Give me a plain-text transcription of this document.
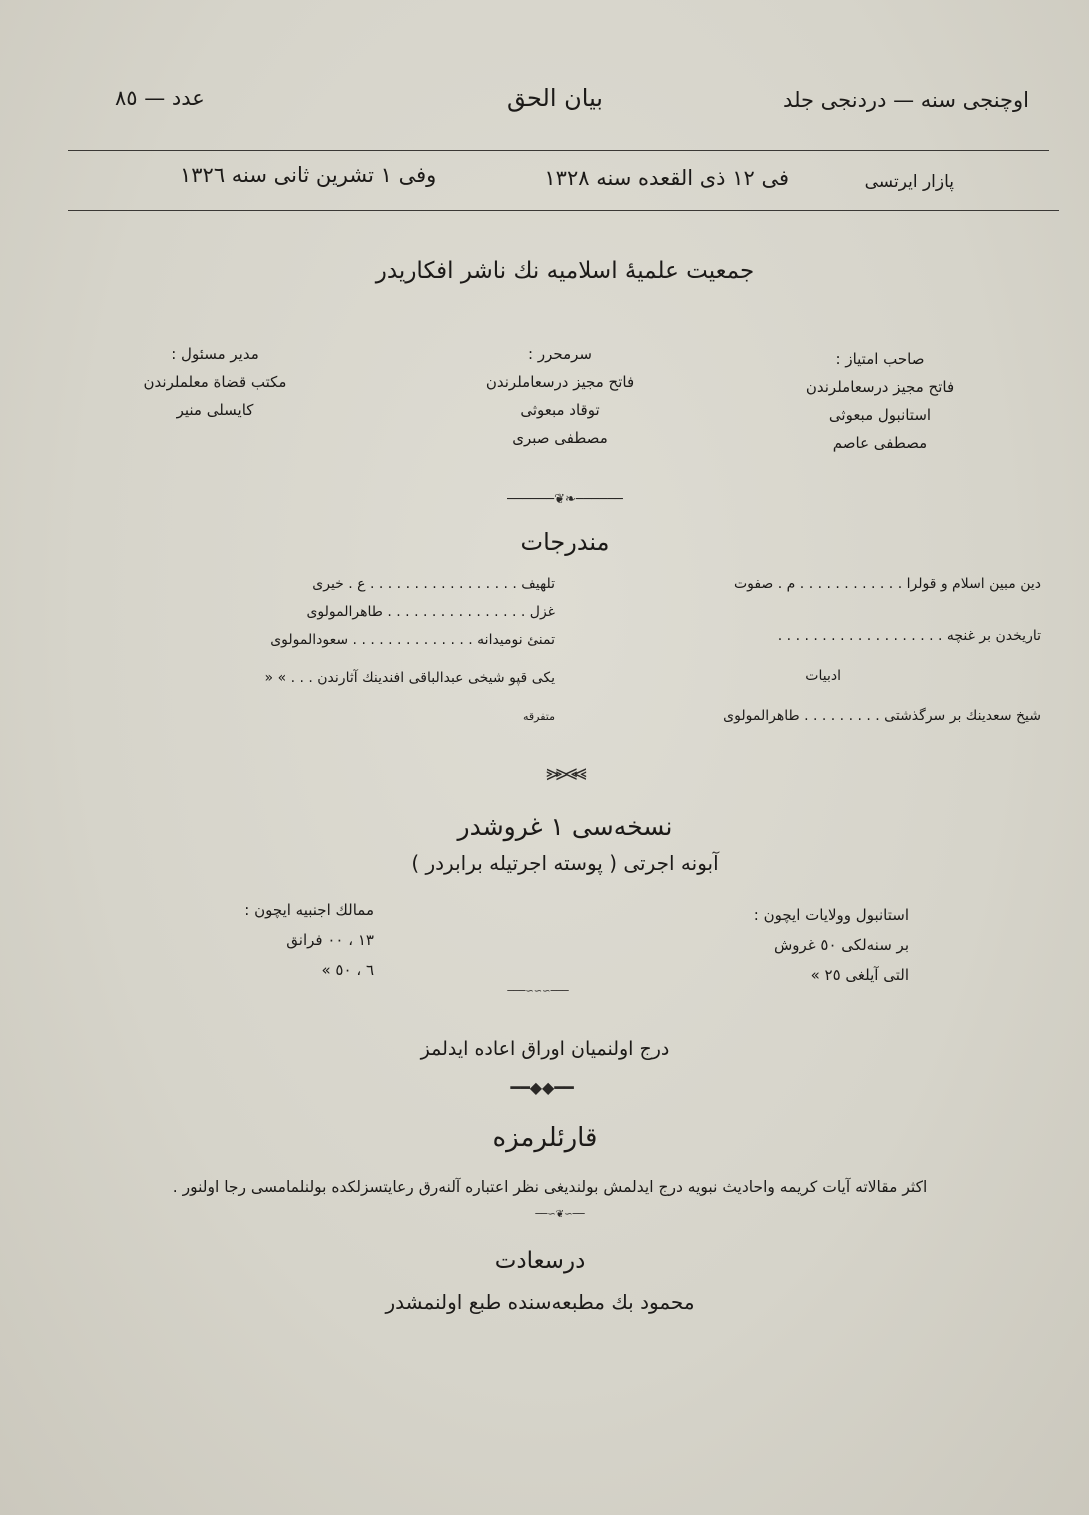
اوچنجی سنه — دردنجی جلد
بیان الحق
عدد — ٨٥
پازار ایرتسی
فی ١٢ ذی القعده سنه ١٣٢٨
وفی ١ تشرین ثانی سنه ١٣٢٦
جمعیت علمیهٔ اسلامیه نك ناشر افکاریدر
صاحب امتیاز :
فاتح مجیز درسعاملرندن
استانبول مبعوثی
مصطفی عاصم
سرمحرر :
فاتح مجیز درسعاملرندن
توقاد مبعوثی
مصطفی صبری
مدیر مسئول :
مکتب قضاة معلملرندن
کایسلی منیر
──────❦❧──────
مندرجات
دین مبین اسلام و قولرا . . . . . . . . . . . . م . صفوت
تاریخدن بر غنچه . . . . . . . . . . . . . . . . . . .
ادبیات
شیخ سعدینك بر سرگذشتی . . . . . . . . . طاهرالمولوی
تلهیف . . . . . . . . . . . . . . . . . ع . خیری
غزل . . . . . . . . . . . . . . . . طاهرالمولوی
تمنئ نومیدانه . . . . . . . . . . . . . . سعودالمولوی
یکی قپو شیخی عبدالباقی افندینك آثارندن . . . » «
متفرقه
⪢⪢⪡⪡
نسخه‌سی ١ غروشدر
آبونه اجرتی ( پوسته اجرتیله برابردر )
استانبول وولایات ایچون :
بر سنه‌لکی ٥٠ غروش
التی آیلغی ٢٥ »
ممالك اجنبیه ایچون :
١٣ ، ٠٠ فرانق
٦ ، ٥٠ »
───∽∽∽───
درج اولنمیان اوراق اعاده ایدلمز
━━◆◆━━
قارئلرمزه
اکثر مقالاته آیات کریمه واحادیث نبویه درج ایدلمش بولندیغی نظر اعتباره آلنه‌رق رعایتسزلکده بولنلمامسی رجا اولنور .
──∽❦∽──
درسعادت
محمود بك مطبعه‌سنده طبع اولنمشدر
